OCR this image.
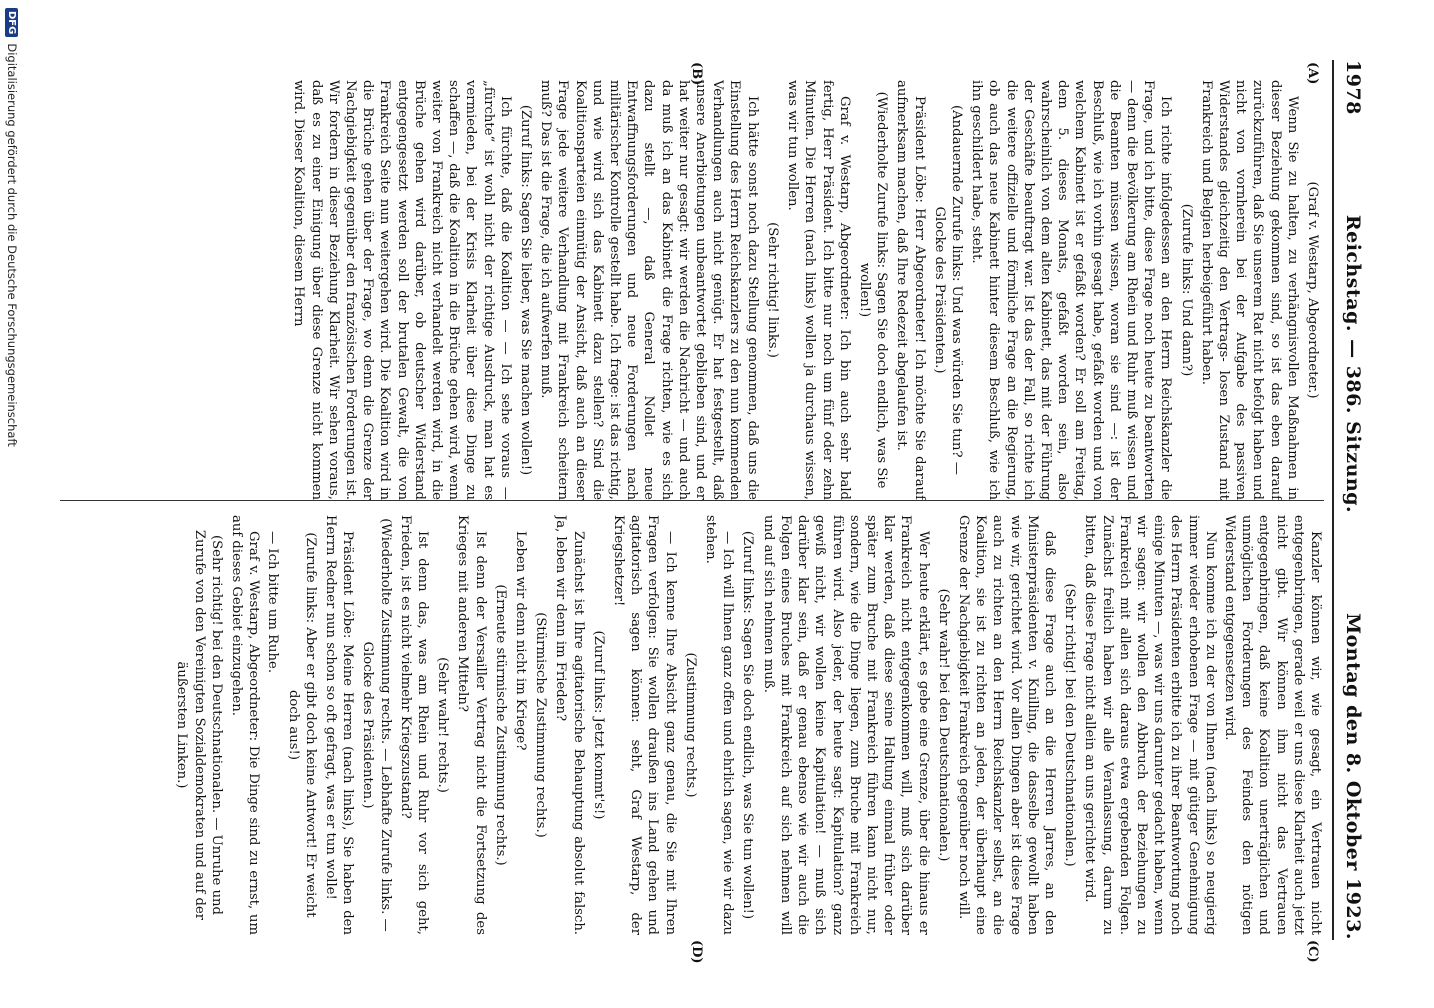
1978
Reichstag. — 386. Sitzung.
Montag den 8. Oktober 1923.
(A)
(B)
(C)
(D)

(Graf v. Westarp, Abgeordneter.)

Wenn Sie zu halten, zu verhängnisvollen Maßnahmen in dieser Beziehung gekommen sind, so ist das eben darauf zurückzuführen, daß Sie unserem Rat nicht befolgt haben und nicht von vornherein bei der Aufgabe des passiven Widerstandes gleichzeitig den Vertrags- losen Zustand mit Frankreich und Belgien herbeigeführt haben.

(Zurufe links: Und dann?)

Ich richte infolgedessen an den Herrn Reichskanzler die Frage, und ich bitte, diese Frage noch heute zu beantworten — denn die Bevölkerung am Rhein und Ruhr muß wissen und die Beamten müssen wissen, woran sie sind —: ist der Beschluß, wie ich vorhin gesagt habe, gefaßt worden und von welchem Kabinett ist er gefaßt worden? Er soll am Freitag, dem 5. dieses Monats, gefaßt worden sein, also wahrscheinlich von dem alten Kabinett, das mit der Führung der Geschäfte beauftragt war. Ist das der Fall, so richte ich die weitere offizielle und förmliche Frage an die Regierung, ob auch das neue Kabinett hinter diesem Beschluß, wie ich ihn geschildert habe, steht.

(Andauernde Zurufe links: Und was würden Sie tun? — Glocke des Präsidenten.)

Präsident Löbe: Herr Abgeordneter! Ich möchte Sie darauf aufmerksam machen, daß Ihre Redezeit abgelaufen ist.

(Wiederholte Zurufe links: Sagen Sie doch endlich, was Sie wollen!)

Graf v. Westarp, Abgeordneter: Ich bin auch sehr bald fertig, Herr Präsident. Ich bitte nur noch um fünf oder zehn Minuten. Die Herren (nach links) wollen ja durchaus wissen, was wir tun wollen.

(Sehr richtig! links.)

Ich hätte sonst noch dazu Stellung genommen, daß uns die Einstellung des Herrn Reichskanzlers zu den nun kommenden Verhandlungen auch nicht genügt. Er hat festgestellt, daß unsere Anerbietungen unbeantwortet geblieben sind, und er hat weiter nur gesagt: wir werden die Nachricht — und auch da muß ich an das Kabinett die Frage richten, wie es sich dazu stellt —, daß General Nollet neue Entwaffnungsforderungen und neue Forderungen nach militärischer Kontrolle gestellt habe. Ich frage: ist das richtig, und wie wird sich das Kabinett dazu stellen? Sind die Koalitionsparteien einmütig der Ansicht, daß auch an dieser Frage jede weitere Verhandlung mit Frankreich scheitern muß? Das ist die Frage, die ich aufwerfen muß.

(Zuruf links: Sagen Sie lieber, was Sie machen wollen!)

Ich fürchte, daß die Koalition — — Ich sehe voraus — „fürchte“ ist wohl nicht der richtige Ausdruck, man hat es vermieden, bei der Krisis Klarheit über diese Dinge zu schaffen —, daß die Koalition in die Brüche gehen wird, wenn weiter von Frankreich nicht verhandelt werden wird, in die Brüche gehen wird darüber, ob deutscher Widerstand entgegengesetzt werden soll der brutalen Gewalt, die von Frankreich Seite nun weitergehen wird. Die Koalition wird in die Brüche gehen über der Frage, wo denn die Grenze der Nachgiebigkeit gegenüber den französischen Forderungen ist. Wir fordern in dieser Beziehung Klarheit. Wir sehen voraus, daß es zu einer Einigung über diese Grenze nicht kommen wird. Dieser Koalition, diesem Herrn

Kanzler können wir, wie gesagt, ein Vertrauen nicht entgegenbringen, gerade weil er uns diese Klarheit auch jetzt nicht gibt. Wir können ihm nicht das Vertrauen entgegenbringen, daß keine Koalition unerträglichen und unmöglichen Forderungen des Feindes den nötigen Widerstand entgegensetzen wird.

Nun komme ich zu der von Ihnen (nach links) so neugierig immer wieder erhobenen Frage — mit gütiger Genehmigung des Herrn Präsidenten erbitte ich zu ihrer Beantwortung noch einige Minuten —, was wir uns darunter gedacht haben, wenn wir sagen: wir wollen den Abbruch der Beziehungen zu Frankreich mit allen sich daraus etwa ergebenden Folgen. Zunächst freilich haben wir alle Veranlassung, darum zu bitten, daß diese Frage nicht allein an uns gerichtet wird.

(Sehr richtig! bei den Deutschnationalen.)

daß diese Frage auch an die Herren Jarres, an den Ministerpräsidenten v. Knilling, die dasselbe gewollt haben wie wir, gerichtet wird. Vor allen Dingen aber ist diese Frage auch zu richten an den Herrn Reichskanzler selbst, an die Koalition, sie ist zu richten an jeden, der überhaupt eine Grenze der Nachgiebigkeit Frankreich gegenüber noch will.

(Sehr wahr! bei den Deutschnationalen.)

Wer heute erklärt, es gebe eine Grenze, über die hinaus er Frankreich nicht entgegenkommen will, muß sich darüber klar werden, daß diese seine Haltung einmal früher oder später zum Bruche mit Frankreich führen kann nicht nur, sondern, wie die Dinge liegen, zum Bruche mit Frankreich führen wird. Also jeder, der heute sagt: Kapitulation? ganz gewiß nicht, wir wollen keine Kapitulation! — muß sich darüber klar sein, daß er genau ebenso wie wir auch die Folgen eines Bruches mit Frankreich auf sich nehmen will und auf sich nehmen muß.

(Zuruf links: Sagen Sie doch endlich, was Sie tun wollen!)

— Ich will Ihnen ganz offen und ehrlich sagen, wie wir dazu stehen.

(Zustimmung rechts.)

— Ich kenne Ihre Absicht ganz genau, die Sie mit Ihren Fragen verfolgen: Sie wollen draußen ins Land gehen und agitatorisch sagen können: seht, Graf Westarp, der Kriegshetzer!

(Zuruf links: Jetzt kommt's!)

Zunächst ist Ihre agitatorische Behauptung absolut falsch. Ja, leben wir denn im Frieden?

(Stürmische Zustimmung rechts.)

Leben wir denn nicht im Kriege?

(Erneute stürmische Zustimmung rechts.)

Ist denn der Versailler Vertrag nicht die Fortsetzung des Krieges mit anderen Mitteln?

(Sehr wahr! rechts.)

Ist denn das, was am Rhein und Ruhr vor sich geht, Frieden, ist es nicht vielmehr Kriegszustand?

(Wiederholte Zustimmung rechts. — Lebhafte Zurufe links. — Glocke des Präsidenten.)

Präsident Löbe: Meine Herren (nach links), Sie haben den Herrn Redner nun schon so oft gefragt, was er tun wolle!

(Zurufe links: Aber er gibt doch keine Antwort! Er weicht doch aus!)

— Ich bitte um Ruhe.

Graf v. Westarp, Abgeordneter: Die Dinge sind zu ernst, um auf dieses Gebiet einzugehen.

(Sehr richtig! bei den Deutschnationalen. — Unruhe und Zurufe von den Vereinigten Sozialdemokraten und auf der äußersten Linken.)

DFG
Digitalisierung gefördert durch die Deutsche Forschungsgemeinschaft
